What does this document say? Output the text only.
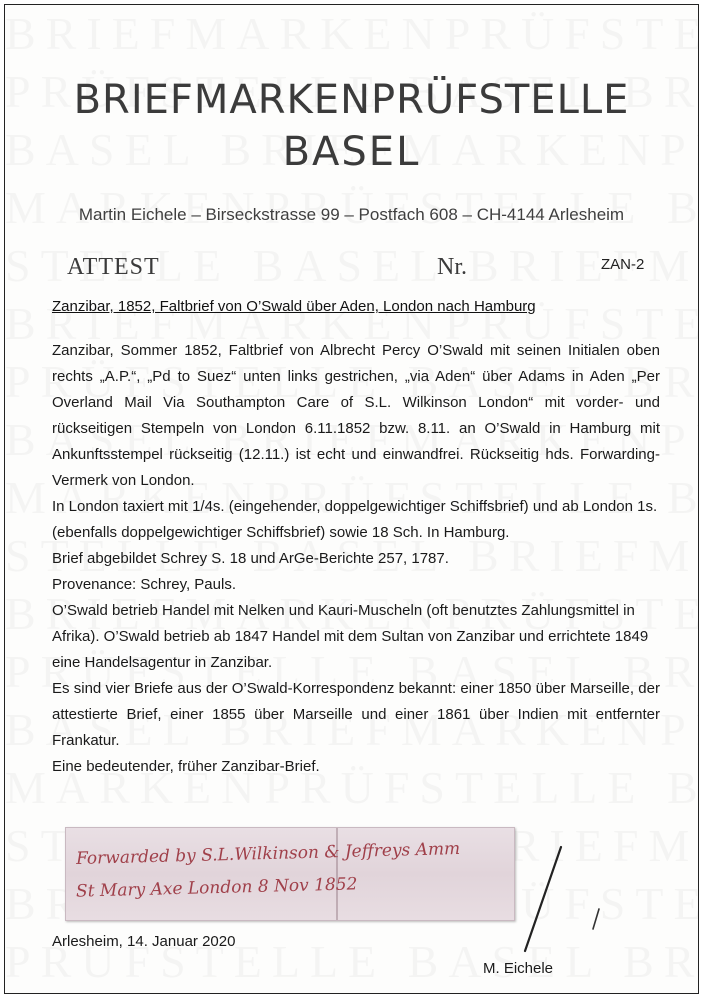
BRIEFMARKENPRÜFSTELLE
BASEL
Martin Eichele – Birseckstrasse 99 – Postfach 608 – CH-4144 Arlesheim
ATTEST	Nr.	ZAN-2
Zanzibar, 1852, Faltbrief von O’Swald über Aden, London nach Hamburg

Zanzibar, Sommer 1852, Faltbrief von Albrecht Percy O’Swald mit seinen Initialen oben rechts „A.P.“, „Pd to Suez“ unten links gestrichen, „via Aden“ über Adams in Aden „Per Overland Mail Via Southampton Care of S.L. Wilkinson London“ mit vorder- und rückseitigen Stempeln von London 6.11.1852 bzw. 8.11. an O’Swald in Hamburg mit Ankunftsstempel rückseitig (12.11.) ist echt und einwandfrei. Rückseitig hds. Forwarding-Vermerk von London.

In London taxiert mit 1/4s. (eingehender, doppelgewichtiger Schiffsbrief) und ab London 1s. (ebenfalls doppelgewichtiger Schiffsbrief) sowie 18 Sch. In Hamburg.

Brief abgebildet Schrey S. 18 und ArGe-Berichte 257, 1787.

Provenance: Schrey, Pauls.

O’Swald betrieb Handel mit Nelken und Kauri-Muscheln (oft benutztes Zahlungsmittel in Afrika). O’Swald betrieb ab 1847 Handel mit dem Sultan von Zanzibar und errichtete 1849 eine Handelsagentur in Zanzibar.

Es sind vier Briefe aus der O’Swald-Korrespondenz bekannt: einer 1850 über Marseille, der attestierte Brief, einer 1855 über Marseille und einer 1861 über Indien mit entfernter Frankatur.

Eine bedeutender, früher Zanzibar-Brief.

Forwarded by S.L.Wilkinson & Jeffreys Amm
St Mary Axe London 8 Nov 1852
Arlesheim, 14. Januar 2020
M. Eichele
